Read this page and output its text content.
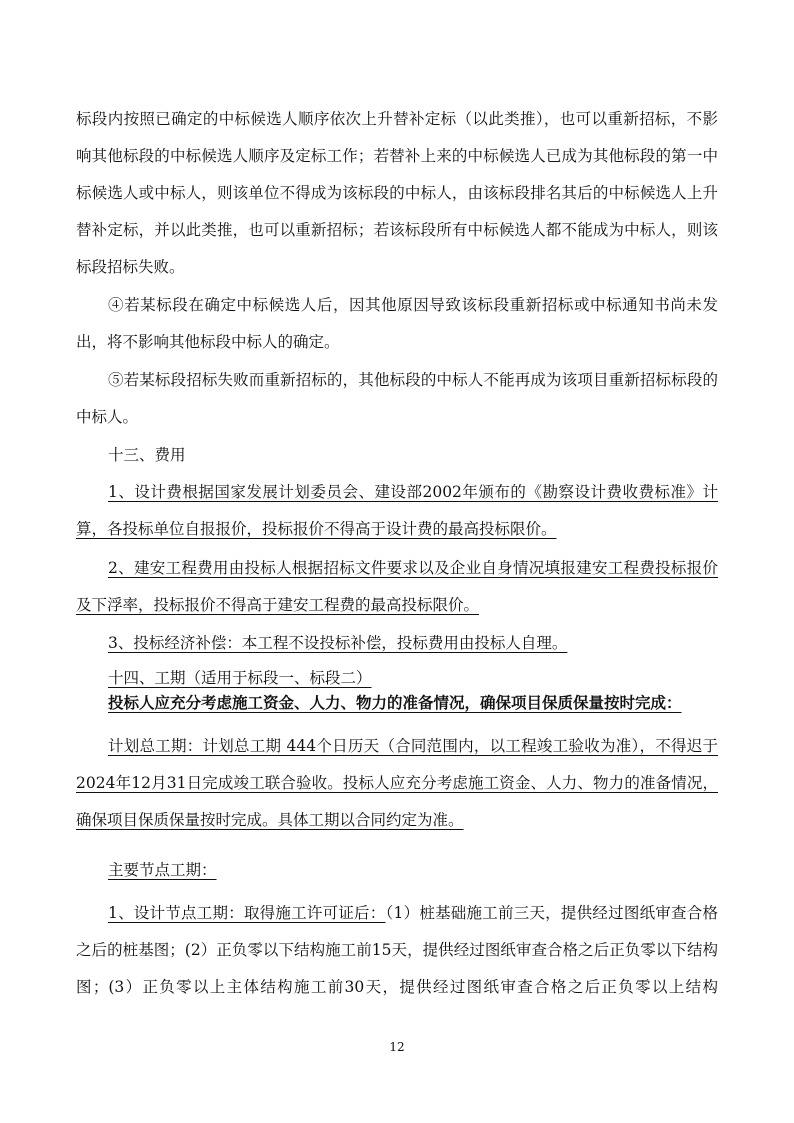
标段内按照已确定的中标候选人顺序依次上升替补定标（以此类推），也可以重新招标，不影响其他标段的中标候选人顺序及定标工作；若替补上来的中标候选人已成为其他标段的第一中标候选人或中标人，则该单位不得成为该标段的中标人，由该标段排名其后的中标候选人上升替补定标，并以此类推，也可以重新招标；若该标段所有中标候选人都不能成为中标人，则该标段招标失败。

④若某标段在确定中标候选人后，因其他原因导致该标段重新招标或中标通知书尚未发出，将不影响其他标段中标人的确定。

⑤若某标段招标失败而重新招标的，其他标段的中标人不能再成为该项目重新招标标段的中标人。

十三、费用

1、设计费根据国家发展计划委员会、建设部2002年颁布的《勘察设计费收费标准》计算，各投标单位自报报价，投标报价不得高于设计费的最高投标限价。

2、建安工程费用由投标人根据招标文件要求以及企业自身情况填报建安工程费投标报价及下浮率，投标报价不得高于建安工程费的最高投标限价。

3、投标经济补偿：本工程不设投标补偿，投标费用由投标人自理。

十四、工期（适用于标段一、标段二）

投标人应充分考虑施工资金、人力、物力的准备情况，确保项目保质保量按时完成：

计划总工期：计划总工期 444个日历天（合同范围内，以工程竣工验收为准），不得迟于2024年12月31日完成竣工联合验收。投标人应充分考虑施工资金、人力、物力的准备情况，确保项目保质保量按时完成。具体工期以合同约定为准。

主要节点工期：

1、设计节点工期：取得施工许可证后：（1）桩基础施工前三天，提供经过图纸审查合格之后的桩基图；(2）正负零以下结构施工前15天，提供经过图纸审查合格之后正负零以下结构图；(3）正负零以上主体结构施工前30天，提供经过图纸审查合格之后正负零以上结构

12
